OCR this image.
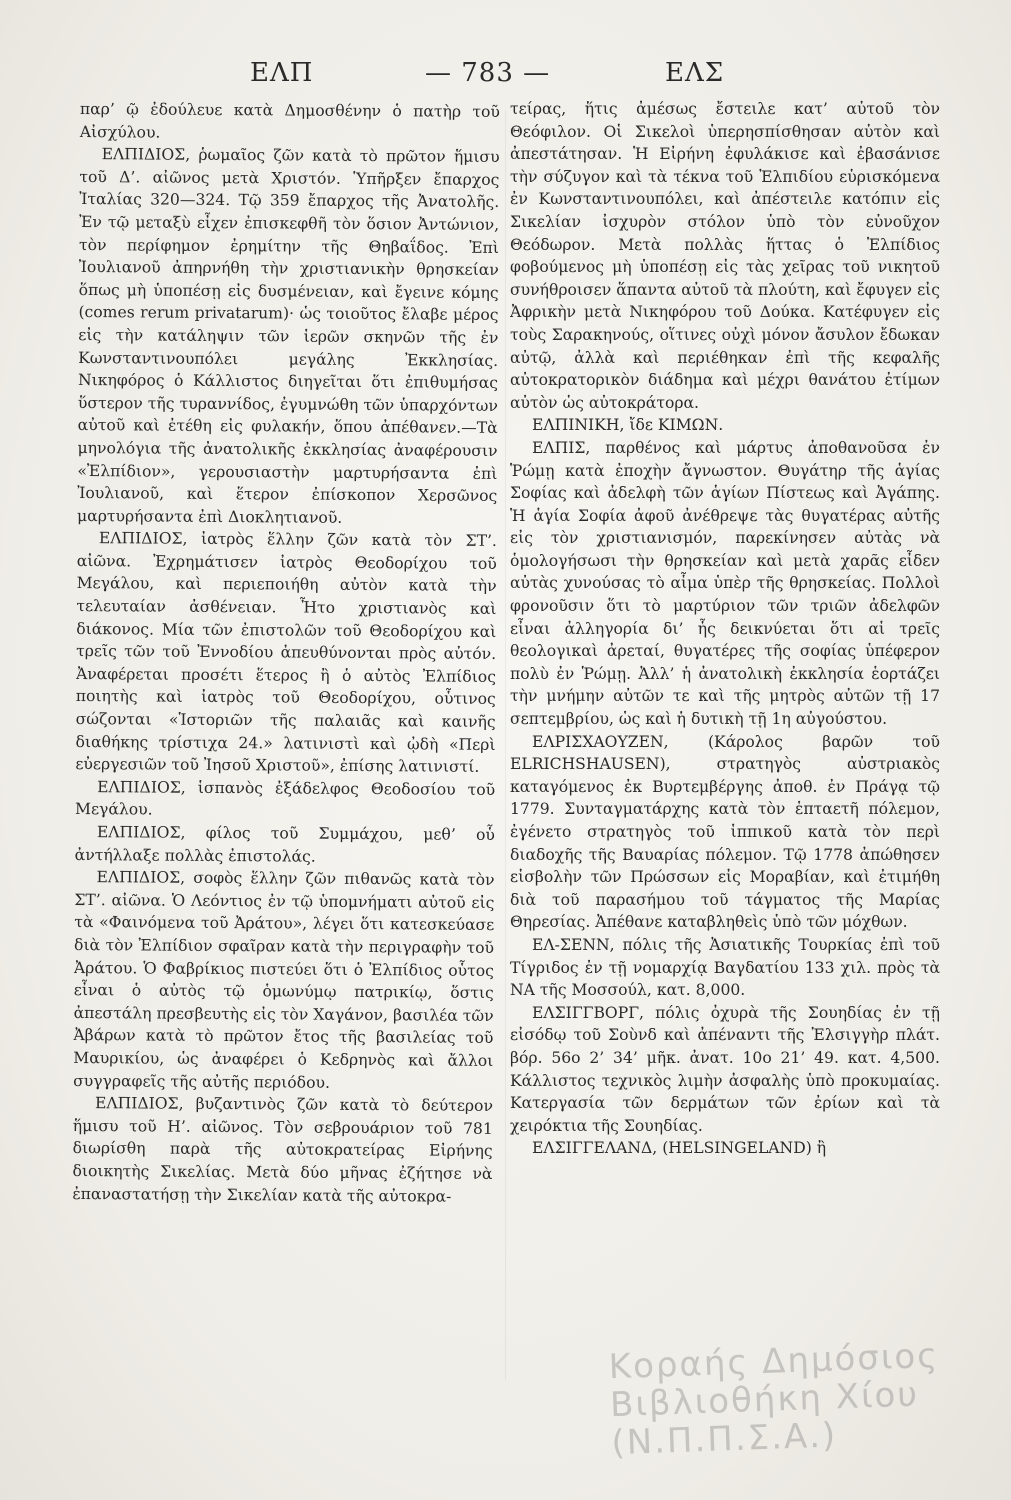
ΕΛΠ	— 783 —	ΕΛΣ

παρ’ ῷ ἐδούλευε κατὰ Δημοσθένην ὁ πατὴρ τοῦ Αἰσχύλου.

ΕΛΠΙΔΙΟΣ, ῥωμαῖος ζῶν κατὰ τὸ πρῶτον ἥμισυ τοῦ Δ’. αἰῶνος μετὰ Χριστόν. Ὑπῆρξεν ἔπαρχος Ἰταλίας 320—324. Τῷ 359 ἔπαρχος τῆς Ἀνατολῆς. Ἐν τῷ μεταξὺ εἶχεν ἐπισκεφθῆ τὸν ὅσιον Ἀντώνιον, τὸν περίφημον ἐρημίτην τῆς Θηβαΐδος. Ἐπὶ Ἰουλιανοῦ ἀπηρνήθη τὴν χριστιανικὴν θρησκείαν ὅπως μὴ ὑποπέσῃ εἰς δυσμένειαν, καὶ ἔγεινε κόμης (comes rerum privatarum)· ὡς τοιοῦτος ἔλαβε μέρος εἰς τὴν κατάληψιν τῶν ἱερῶν σκηνῶν τῆς ἐν Κωνσταντινουπόλει μεγάλης Ἐκκλησίας. Νικηφόρος ὁ Κάλλιστος διηγεῖται ὅτι ἐπιθυμήσας ὕστερον τῆς τυραννίδος, ἐγυμνώθη τῶν ὑπαρχόντων αὐτοῦ καὶ ἐτέθη εἰς φυλακήν, ὅπου ἀπέθανεν.—Τὰ μηνολόγια τῆς ἀνατολικῆς ἐκκλησίας ἀναφέρουσιν «Ἐλπίδιον», γερουσιαστὴν μαρτυρήσαντα ἐπὶ Ἰουλιανοῦ, καὶ ἕτερον ἐπίσκοπον Χερσῶνος μαρτυρήσαντα ἐπὶ Διοκλητιανοῦ.

ΕΛΠΙΔΙΟΣ, ἰατρὸς ἕλλην ζῶν κατὰ τὸν ΣΤ’. αἰῶνα. Ἐχρημάτισεν ἰατρὸς Θεοδορίχου τοῦ Μεγάλου, καὶ περιεποιήθη αὐτὸν κατὰ τὴν τελευταίαν ἀσθένειαν. Ἦτο χριστιανὸς καὶ διάκονος. Μία τῶν ἐπιστολῶν τοῦ Θεοδορίχου καὶ τρεῖς τῶν τοῦ Ἐννοδίου ἀπευθύνονται πρὸς αὐτόν. Ἀναφέρεται προσέτι ἕτερος ἢ ὁ αὐτὸς Ἐλπίδιος ποιητὴς καὶ ἰατρὸς τοῦ Θεοδορίχου, οὗτινος σώζονται «Ἱστοριῶν τῆς παλαιᾶς καὶ καινῆς διαθήκης τρίστιχα 24.» λατινιστὶ καὶ ᾠδὴ «Περὶ εὐεργεσιῶν τοῦ Ἰησοῦ Χριστοῦ», ἐπίσης λατινιστί.

ΕΛΠΙΔΙΟΣ, ἱσπανὸς ἐξάδελφος Θεοδοσίου τοῦ Μεγάλου.

ΕΛΠΙΔΙΟΣ, φίλος τοῦ Συμμάχου, μεθ’ οὗ ἀντήλλαξε πολλὰς ἐπιστολάς.

ΕΛΠΙΔΙΟΣ, σοφὸς ἕλλην ζῶν πιθανῶς κατὰ τὸν ΣΤ’. αἰῶνα. Ὁ Λεόντιος ἐν τῷ ὑπομνήματι αὐτοῦ εἰς τὰ «Φαινόμενα τοῦ Ἀράτου», λέγει ὅτι κατεσκεύασε διὰ τὸν Ἐλπίδιον σφαῖραν κατὰ τὴν περιγραφὴν τοῦ Ἀράτου. Ὁ Φαβρίκιος πιστεύει ὅτι ὁ Ἐλπίδιος οὗτος εἶναι ὁ αὐτὸς τῷ ὁμωνύμῳ πατρικίῳ, ὅστις ἀπεστάλη πρεσβευτὴς εἰς τὸν Χαγάνον, βασιλέα τῶν Ἀβάρων κατὰ τὸ πρῶτον ἔτος τῆς βασιλείας τοῦ Μαυρικίου, ὡς ἀναφέρει ὁ Κεδρηνὸς καὶ ἄλλοι συγγραφεῖς τῆς αὐτῆς περιόδου.

ΕΛΠΙΔΙΟΣ, βυζαντινὸς ζῶν κατὰ τὸ δεύτερον ἥμισυ τοῦ Η’. αἰῶνος. Τὸν σεβρουάριον τοῦ 781 διωρίσθη παρὰ τῆς αὐτοκρατείρας Εἰρήνης διοικητὴς Σικελίας. Μετὰ δύο μῆνας ἐζήτησε νὰ ἐπαναστατήσῃ τὴν Σικελίαν κατὰ τῆς αὐτοκρα-

τείρας, ἥτις ἀμέσως ἔστειλε κατ’ αὐτοῦ τὸν Θεόφιλον. Οἱ Σικελοὶ ὑπερησπίσθησαν αὐτὸν καὶ ἀπεστάτησαν. Ἡ Εἰρήνη ἐφυλάκισε καὶ ἐβασάνισε τὴν σύζυγον καὶ τὰ τέκνα τοῦ Ἐλπιδίου εὑρισκόμενα ἐν Κωνσταντινουπόλει, καὶ ἀπέστειλε κατόπιν εἰς Σικελίαν ἰσχυρὸν στόλον ὑπὸ τὸν εὐνοῦχον Θεόδωρον. Μετὰ πολλὰς ἥττας ὁ Ἐλπίδιος φοβούμενος μὴ ὑποπέσῃ εἰς τὰς χεῖρας τοῦ νικητοῦ συνήθροισεν ἅπαντα αὐτοῦ τὰ πλούτη, καὶ ἔφυγεν εἰς Ἀφρικὴν μετὰ Νικηφόρου τοῦ Δούκα. Κατέφυγεν εἰς τοὺς Σαρακηνούς, οἵτινες οὐχὶ μόνον ἄσυλον ἔδωκαν αὐτῷ, ἀλλὰ καὶ περιέθηκαν ἐπὶ τῆς κεφαλῆς αὐτοκρατορικὸν διάδημα καὶ μέχρι θανάτου ἐτίμων αὐτὸν ὡς αὐτοκράτορα.

ΕΛΠΙΝΙΚΗ, ἴδε ΚΙΜΩΝ.

ΕΛΠΙΣ, παρθένος καὶ μάρτυς ἀποθανοῦσα ἐν Ῥώμῃ κατὰ ἐποχὴν ἄγνωστον. Θυγάτηρ τῆς ἁγίας Σοφίας καὶ ἀδελφὴ τῶν ἁγίων Πίστεως καὶ Ἀγάπης. Ἡ ἁγία Σοφία ἀφοῦ ἀνέθρεψε τὰς θυγατέρας αὐτῆς εἰς τὸν χριστιανισμόν, παρεκίνησεν αὐτὰς νὰ ὁμολογήσωσι τὴν θρησκείαν καὶ μετὰ χαρᾶς εἶδεν αὐτὰς χυνούσας τὸ αἷμα ὑπὲρ τῆς θρησκείας. Πολλοὶ φρονοῦσιν ὅτι τὸ μαρτύριον τῶν τριῶν ἀδελφῶν εἶναι ἀλληγορία δι’ ἧς δεικνύεται ὅτι αἱ τρεῖς θεολογικαὶ ἀρεταί, θυγατέρες τῆς σοφίας ὑπέφερον πολὺ ἐν Ῥώμῃ. Ἀλλ’ ἡ ἀνατολικὴ ἐκκλησία ἑορτάζει τὴν μνήμην αὐτῶν τε καὶ τῆς μητρὸς αὐτῶν τῇ 17 σεπτεμβρίου, ὡς καὶ ἡ δυτικὴ τῇ 1η αὐγούστου.

ΕΛΡΙΣΧΑΟΥΖΕΝ, (Κάρολος βαρῶν τοῦ ELRICHSHAUSEN), στρατηγὸς αὐστριακὸς καταγόμενος ἐκ Βυρτεμβέργης ἀποθ. ἐν Πράγᾳ τῷ 1779. Συνταγματάρχης κατὰ τὸν ἑπταετῆ πόλεμον, ἐγένετο στρατηγὸς τοῦ ἱππικοῦ κατὰ τὸν περὶ διαδοχῆς τῆς Βαυαρίας πόλεμον. Τῷ 1778 ἀπώθησεν εἰσβολὴν τῶν Πρώσσων εἰς Μοραβίαν, καὶ ἐτιμήθη διὰ τοῦ παρασήμου τοῦ τάγματος τῆς Μαρίας Θηρεσίας. Ἀπέθανε καταβληθεὶς ὑπὸ τῶν μόχθων.

ΕΛ-ΣΕΝΝ, πόλις τῆς Ἀσιατικῆς Τουρκίας ἐπὶ τοῦ Τίγριδος ἐν τῇ νομαρχίᾳ Βαγδατίου 133 χιλ. πρὸς τὰ ΝΑ τῆς Μοσσούλ, κατ. 8,000.

ΕΛΣΙΓΓΒΟΡΓ, πόλις ὀχυρὰ τῆς Σουηδίας ἐν τῇ εἰσόδῳ τοῦ Σοὺνδ καὶ ἀπέναντι τῆς Ἐλσιγγὴρ πλάτ. βόρ. 56ο 2’ 34’ μῆκ. ἀνατ. 10ο 21’ 49. κατ. 4,500. Κάλλιστος τεχνικὸς λιμὴν ἀσφαλὴς ὑπὸ προκυμαίας. Κατεργασία τῶν δερμάτων τῶν ἐρίων καὶ τὰ χειρόκτια τῆς Σουηδίας.

ΕΛΣΙΓΓΕΛΑΝΔ, (HELSINGELAND) ἢ

Κοραής Δημόσιος Βιβλιοθήκη Χίου (Ν.Π.Π.Σ.Α.)
